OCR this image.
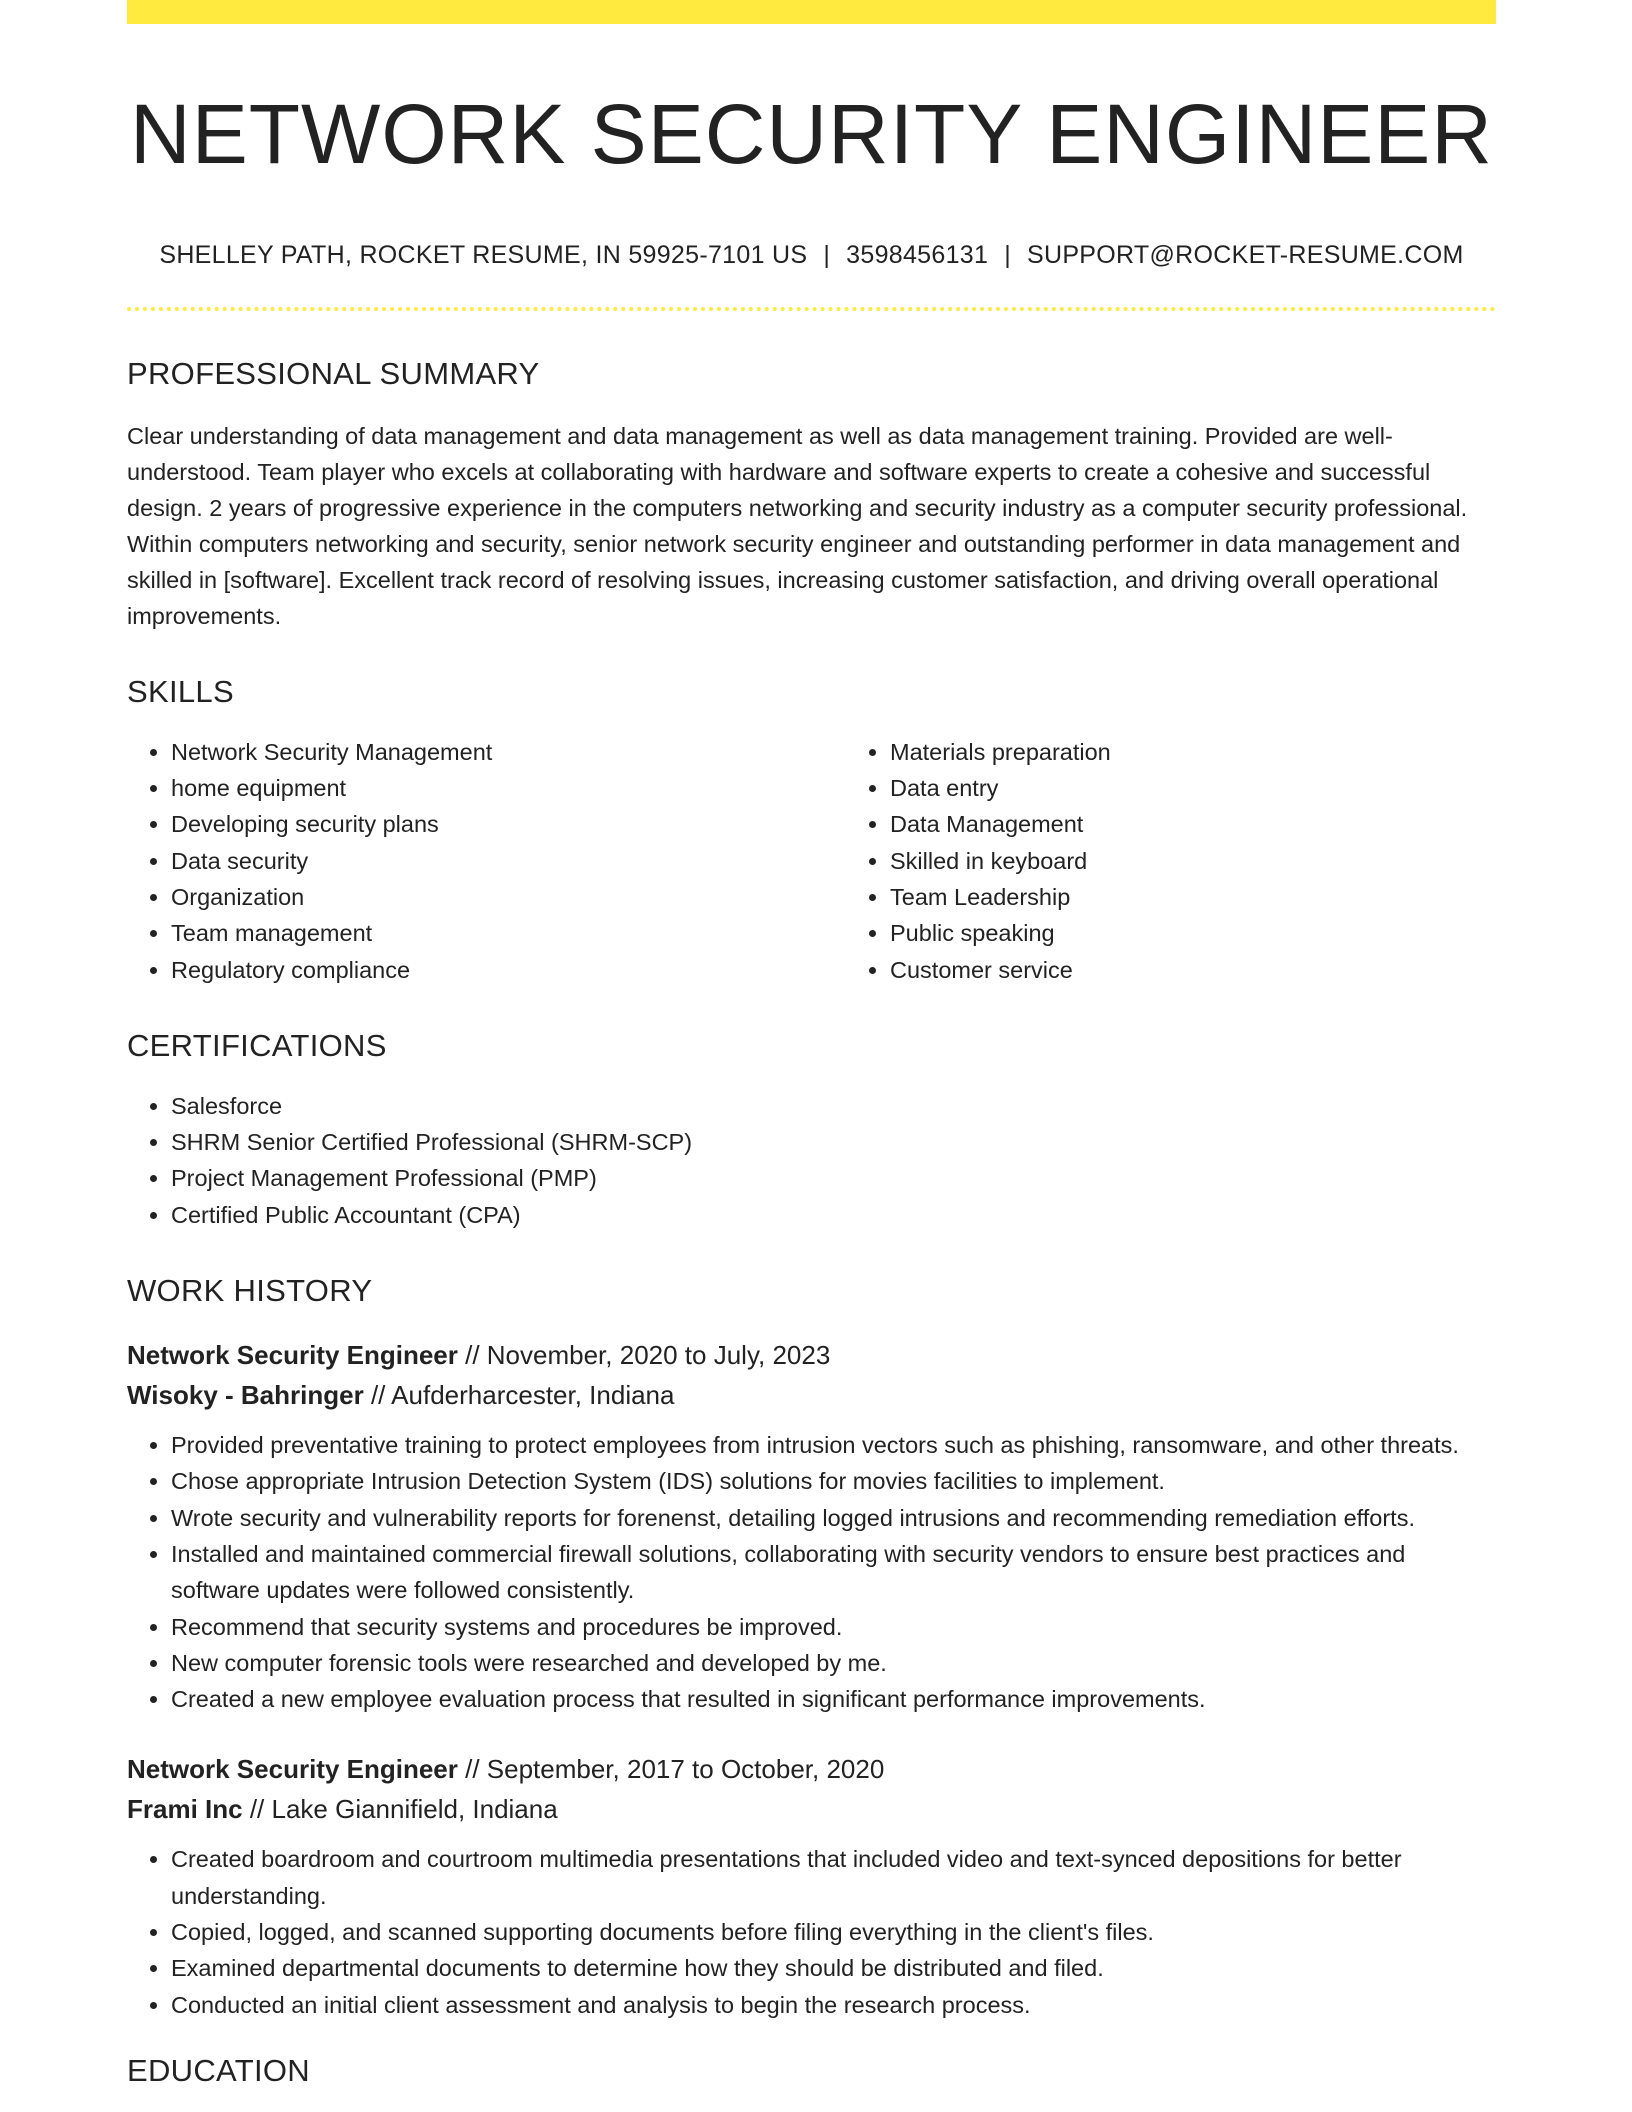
NETWORK SECURITY ENGINEER
SHELLEY PATH, ROCKET RESUME, IN 59925-7101 US | 3598456131 | SUPPORT@ROCKET-RESUME.COM
PROFESSIONAL SUMMARY
Clear understanding of data management and data management as well as data management training. Provided are well-understood. Team player who excels at collaborating with hardware and software experts to create a cohesive and successful design. 2 years of progressive experience in the computers networking and security industry as a computer security professional. Within computers networking and security, senior network security engineer and outstanding performer in data management and skilled in [software]. Excellent track record of resolving issues, increasing customer satisfaction, and driving overall operational improvements.
SKILLS
• Network Security Management
• home equipment
• Developing security plans
• Data security
• Organization
• Team management
• Regulatory compliance
• Materials preparation
• Data entry
• Data Management
• Skilled in keyboard
• Team Leadership
• Public speaking
• Customer service
CERTIFICATIONS
• Salesforce
• SHRM Senior Certified Professional (SHRM-SCP)
• Project Management Professional (PMP)
• Certified Public Accountant (CPA)
WORK HISTORY
Network Security Engineer // November, 2020 to July, 2023
Wisoky - Bahringer // Aufderharcester, Indiana
• Provided preventative training to protect employees from intrusion vectors such as phishing, ransomware, and other threats.
• Chose appropriate Intrusion Detection System (IDS) solutions for movies facilities to implement.
• Wrote security and vulnerability reports for forenenst, detailing logged intrusions and recommending remediation efforts.
• Installed and maintained commercial firewall solutions, collaborating with security vendors to ensure best practices and software updates were followed consistently.
• Recommend that security systems and procedures be improved.
• New computer forensic tools were researched and developed by me.
• Created a new employee evaluation process that resulted in significant performance improvements.
Network Security Engineer // September, 2017 to October, 2020
Frami Inc // Lake Giannifield, Indiana
• Created boardroom and courtroom multimedia presentations that included video and text-synced depositions for better understanding.
• Copied, logged, and scanned supporting documents before filing everything in the client's files.
• Examined departmental documents to determine how they should be distributed and filed.
• Conducted an initial client assessment and analysis to begin the research process.
EDUCATION
